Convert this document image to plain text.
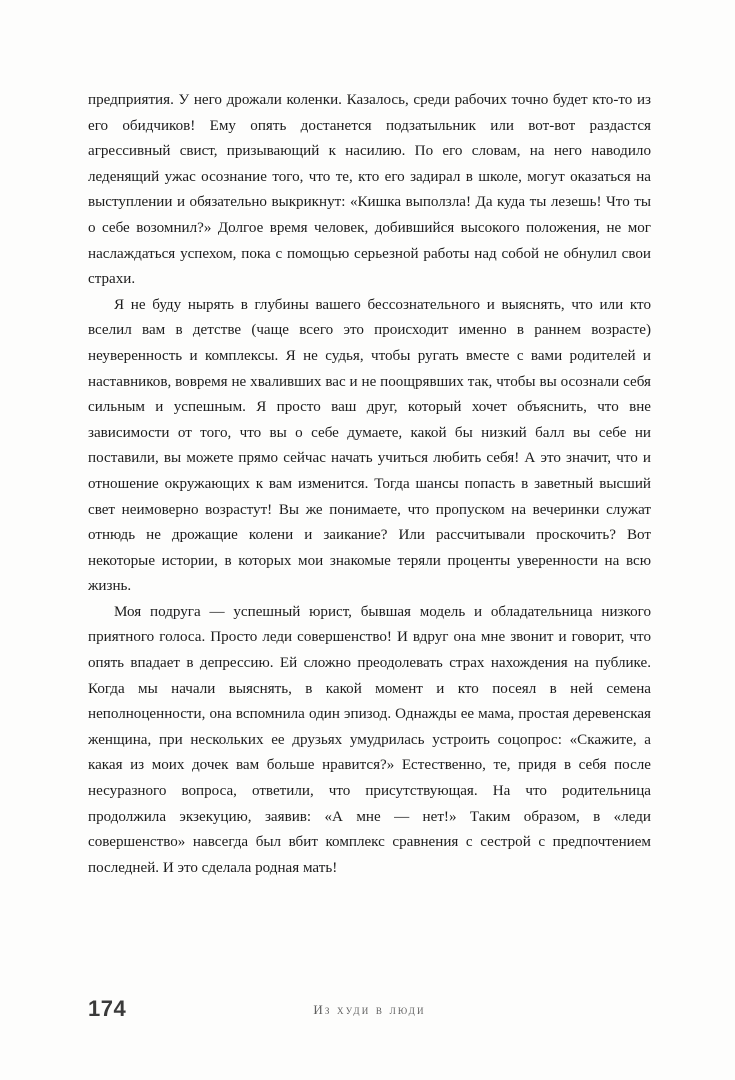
предприятия. У него дрожали коленки. Казалось, среди рабочих точно будет кто-то из его обидчиков! Ему опять достанется подзатыльник или вот-вот раздастся агрессивный свист, призывающий к насилию. По его словам, на него наводило леденящий ужас осознание того, что те, кто его задирал в школе, могут оказаться на выступлении и обязательно выкрикнут: «Кишка выползла! Да куда ты лезешь! Что ты о себе возомнил?» Долгое время человек, добившийся высокого положения, не мог наслаждаться успехом, пока с помощью серьезной работы над собой не обнулил свои страхи.

Я не буду нырять в глубины вашего бессознательного и выяснять, что или кто вселил вам в детстве (чаще всего это происходит именно в раннем возрасте) неуверенность и комплексы. Я не судья, чтобы ругать вместе с вами родителей и наставников, вовремя не хваливших вас и не поощрявших так, чтобы вы осознали себя сильным и успешным. Я просто ваш друг, который хочет объяснить, что вне зависимости от того, что вы о себе думаете, какой бы низкий балл вы себе ни поставили, вы можете прямо сейчас начать учиться любить себя! А это значит, что и отношение окружающих к вам изменится. Тогда шансы попасть в заветный высший свет неимоверно возрастут! Вы же понимаете, что пропуском на вечеринки служат отнюдь не дрожащие колени и заикание? Или рассчитывали проскочить? Вот некоторые истории, в которых мои знакомые теряли проценты уверенности на всю жизнь.

Моя подруга — успешный юрист, бывшая модель и обладательница низкого приятного голоса. Просто леди совершенство! И вдруг она мне звонит и говорит, что опять впадает в депрессию. Ей сложно преодолевать страх нахождения на публике. Когда мы начали выяснять, в какой момент и кто посеял в ней семена неполноценности, она вспомнила один эпизод. Однажды ее мама, простая деревенская женщина, при нескольких ее друзьях умудрилась устроить соцопрос: «Скажите, а какая из моих дочек вам больше нравится?» Естественно, те, придя в себя после несуразного вопроса, ответили, что присутствующая. На что родительница продолжила экзекуцию, заявив: «А мне — нет!» Таким образом, в «леди совершенство» навсегда был вбит комплекс сравнения с сестрой с предпочтением последней. И это сделала родная мать!

174	Из худи в люди
